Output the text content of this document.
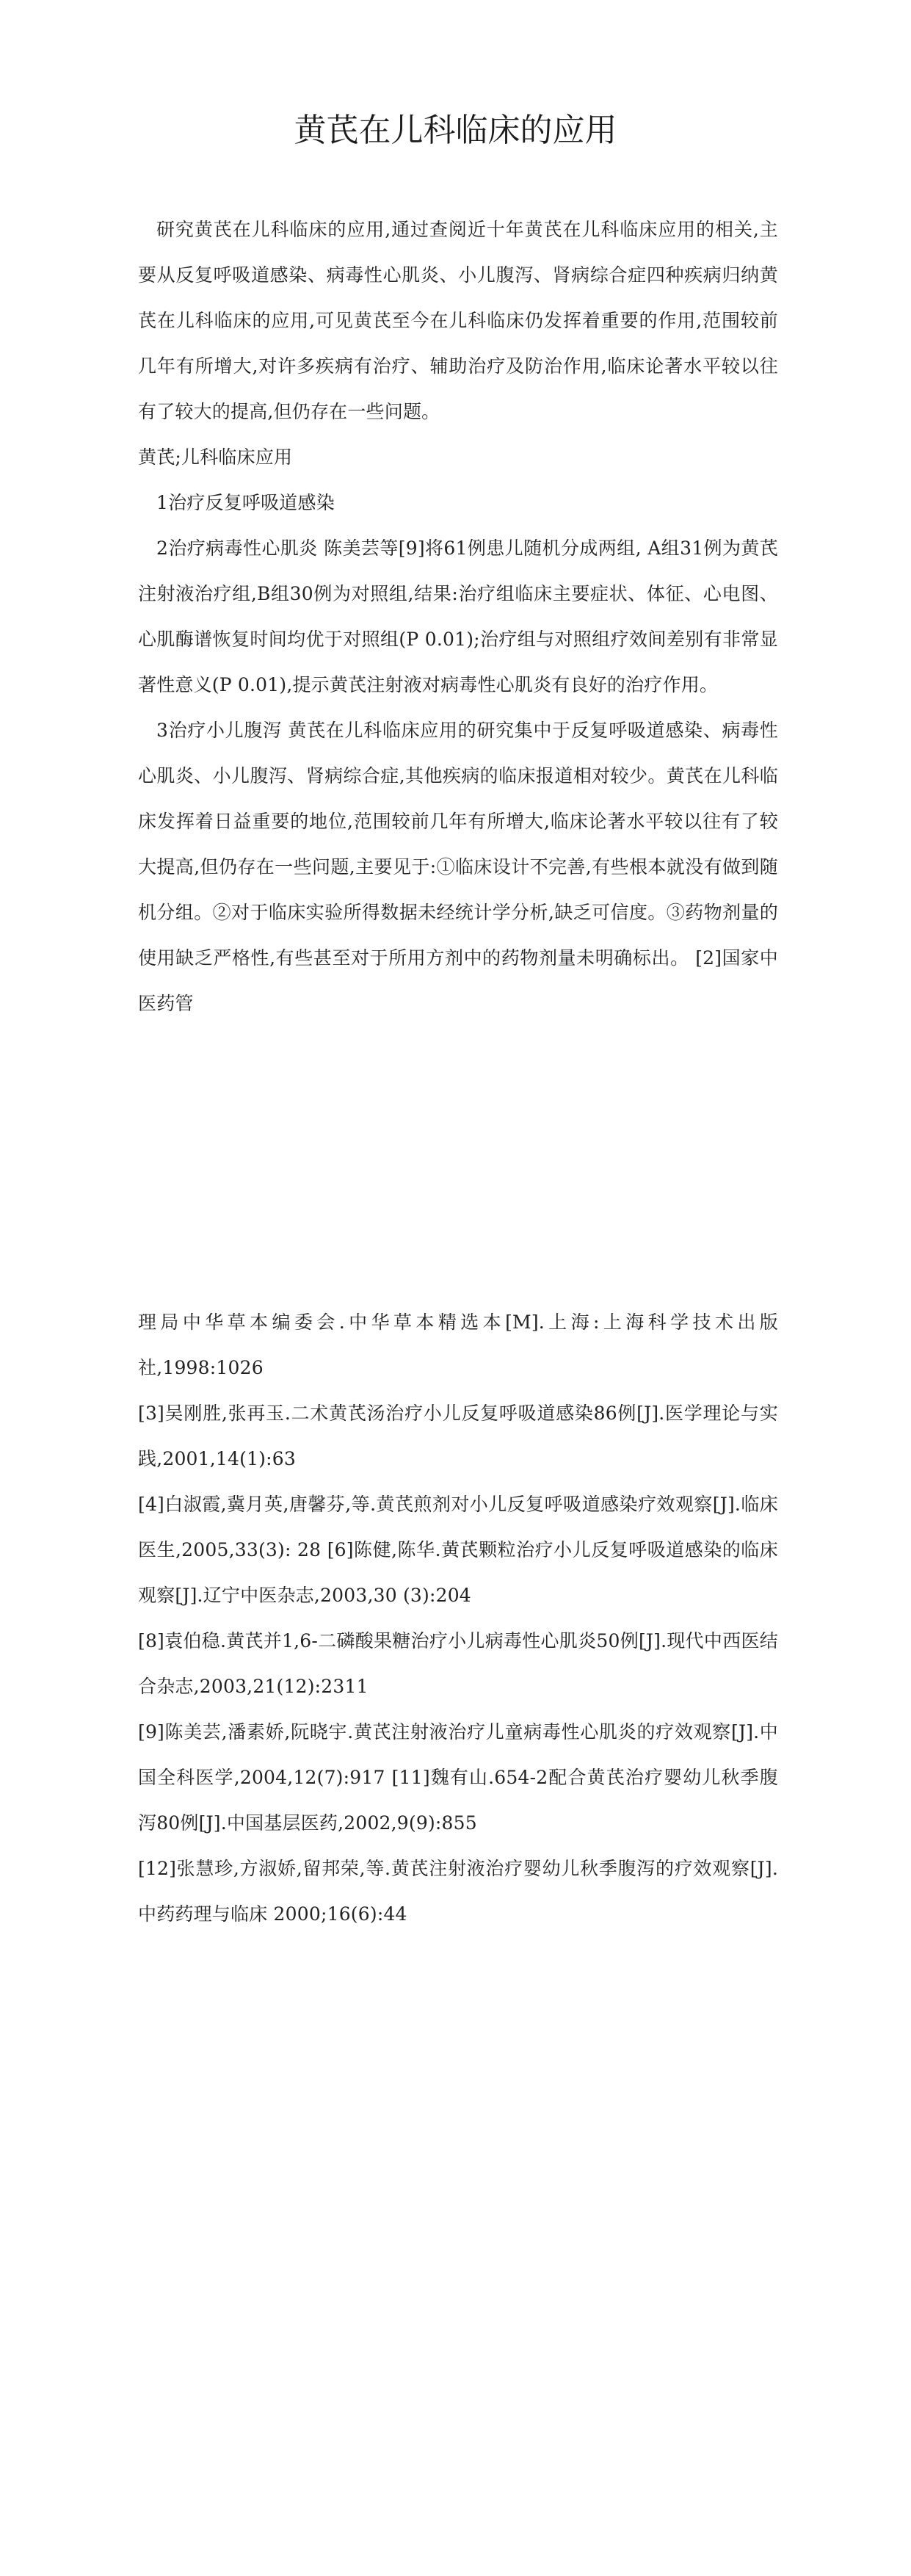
黄芪在儿科临床的应用

研究黄芪在儿科临床的应用,通过查阅近十年黄芪在儿科临床应用的相关,主要从反复呼吸道感染、病毒性心肌炎、小儿腹泻、肾病综合症四种疾病归纳黄芪在儿科临床的应用,可见黄芪至今在儿科临床仍发挥着重要的作用,范围较前几年有所增大,对许多疾病有治疗、辅助治疗及防治作用,临床论著水平较以往有了较大的提高,但仍存在一些问题。

黄芪;儿科临床应用

1治疗反复呼吸道感染

2治疗病毒性心肌炎 陈美芸等[9]将61例患儿随机分成两组, A组31例为黄芪注射液治疗组,B组30例为对照组,结果:治疗组临床主要症状、体征、心电图、心肌酶谱恢复时间均优于对照组(P 0.01);治疗组与对照组疗效间差别有非常显著性意义(P 0.01),提示黄芪注射液对病毒性心肌炎有良好的治疗作用。

3治疗小儿腹泻 黄芪在儿科临床应用的研究集中于反复呼吸道感染、病毒性心肌炎、小儿腹泻、肾病综合症,其他疾病的临床报道相对较少。黄芪在儿科临床发挥着日益重要的地位,范围较前几年有所增大,临床论著水平较以往有了较大提高,但仍存在一些问题,主要见于:①临床设计不完善,有些根本就没有做到随机分组。②对于临床实验所得数据未经统计学分析,缺乏可信度。③药物剂量的使用缺乏严格性,有些甚至对于所用方剂中的药物剂量未明确标出。 [2]国家中医药管

理局中华草本编委会.中华草本精选本[M].上海:上海科学技术出版社,1998:1026

[3]吴刚胜,张再玉.二术黄芪汤治疗小儿反复呼吸道感染86例[J].医学理论与实践,2001,14(1):63

[4]白淑霞,冀月英,唐馨芬,等.黄芪煎剂对小儿反复呼吸道感染疗效观察[J].临床医生,2005,33(3): 28 [6]陈健,陈华.黄芪颗粒治疗小儿反复呼吸道感染的临床观察[J].辽宁中医杂志,2003,30 (3):204

[8]袁伯稳.黄芪并1,6-二磷酸果糖治疗小儿病毒性心肌炎50例[J].现代中西医结合杂志,2003,21(12):2311

[9]陈美芸,潘素娇,阮晓宇.黄芪注射液治疗儿童病毒性心肌炎的疗效观察[J].中国全科医学,2004,12(7):917 [11]魏有山.654-2配合黄芪治疗婴幼儿秋季腹泻80例[J].中国基层医药,2002,9(9):855

[12]张慧珍,方淑娇,留邦荣,等.黄芪注射液治疗婴幼儿秋季腹泻的疗效观察[J].中药药理与临床 2000;16(6):44
